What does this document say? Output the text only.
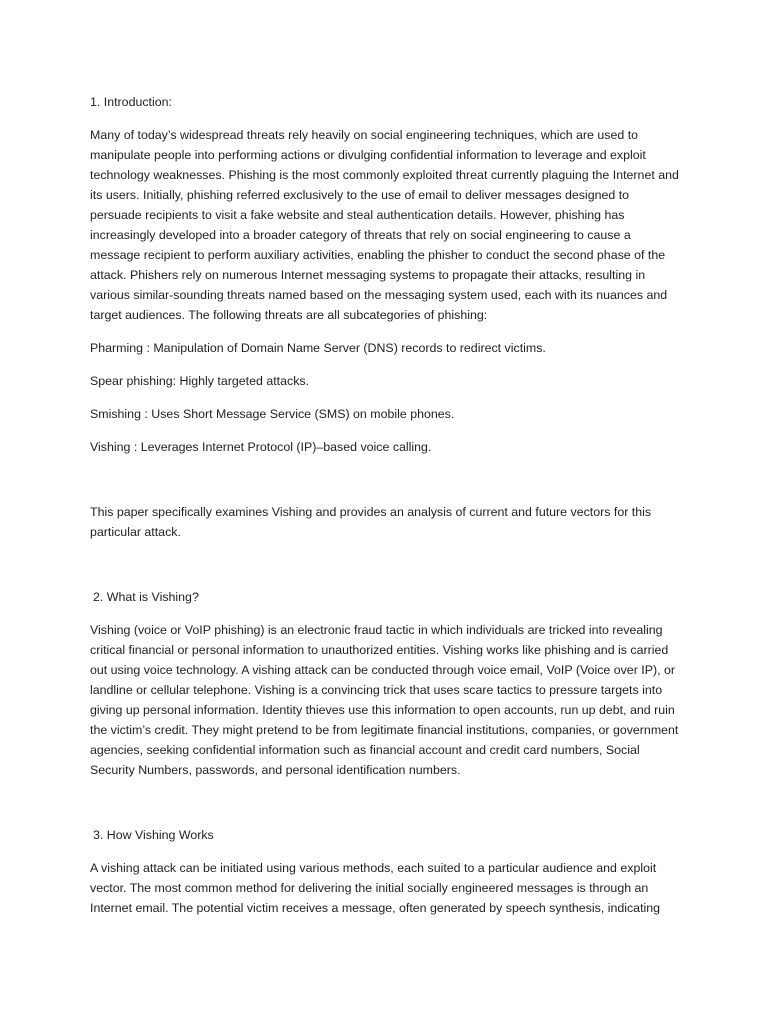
1. Introduction:

Many of today’s widespread threats rely heavily on social engineering techniques, which are used to manipulate people into performing actions or divulging confidential information to leverage and exploit technology weaknesses. Phishing is the most commonly exploited threat currently plaguing the Internet and its users. Initially, phishing referred exclusively to the use of email to deliver messages designed to persuade recipients to visit a fake website and steal authentication details. However, phishing has increasingly developed into a broader category of threats that rely on social engineering to cause a message recipient to perform auxiliary activities, enabling the phisher to conduct the second phase of the attack. Phishers rely on numerous Internet messaging systems to propagate their attacks, resulting in various similar-sounding threats named based on the messaging system used, each with its nuances and target audiences. The following threats are all subcategories of phishing:

Pharming : Manipulation of Domain Name Server (DNS) records to redirect victims.

Spear phishing: Highly targeted attacks.

Smishing : Uses Short Message Service (SMS) on mobile phones.

Vishing : Leverages Internet Protocol (IP)–based voice calling.

This paper specifically examines Vishing and provides an analysis of current and future vectors for this particular attack.

2. What is Vishing?

Vishing (voice or VoIP phishing) is an electronic fraud tactic in which individuals are tricked into revealing critical financial or personal information to unauthorized entities. Vishing works like phishing and is carried out using voice technology. A vishing attack can be conducted through voice email, VoIP (Voice over IP), or landline or cellular telephone. Vishing is a convincing trick that uses scare tactics to pressure targets into giving up personal information. Identity thieves use this information to open accounts, run up debt, and ruin the victim’s credit. They might pretend to be from legitimate financial institutions, companies, or government agencies, seeking confidential information such as financial account and credit card numbers, Social Security Numbers, passwords, and personal identification numbers.

3. How Vishing Works

A vishing attack can be initiated using various methods, each suited to a particular audience and exploit vector. The most common method for delivering the initial socially engineered messages is through an Internet email. The potential victim receives a message, often generated by speech synthesis, indicating
